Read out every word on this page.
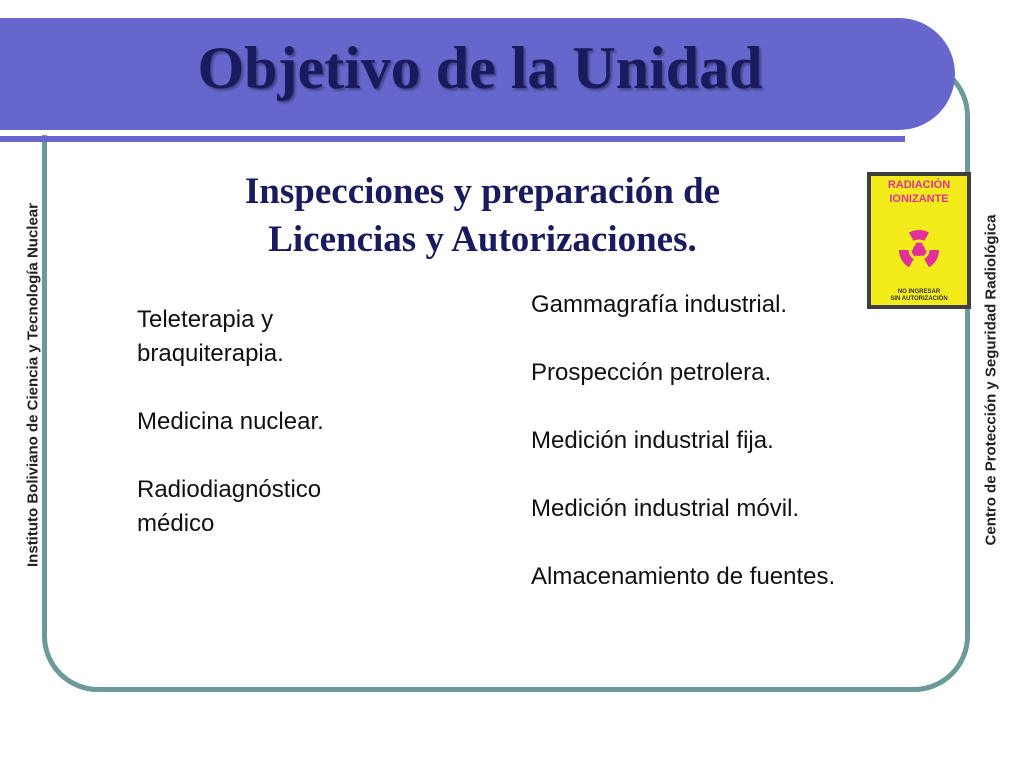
Objetivo de la Unidad
Instituto Boliviano de Ciencia y Tecnología Nuclear	Centro de Protección y Seguridad Radiológica
Inspecciones y preparación de
Licencias y Autorizaciones.

Teleterapia y braquiterapia.

Medicina nuclear.

Radiodiagnóstico médico

Gammagrafía industrial.

Prospección petrolera.

Medición industrial fija.

Medición industrial móvil.

Almacenamiento de fuentes.

RADIACIÓN
IONIZANTE
NO INGRESAR
SIN AUTORIZACIÓN
